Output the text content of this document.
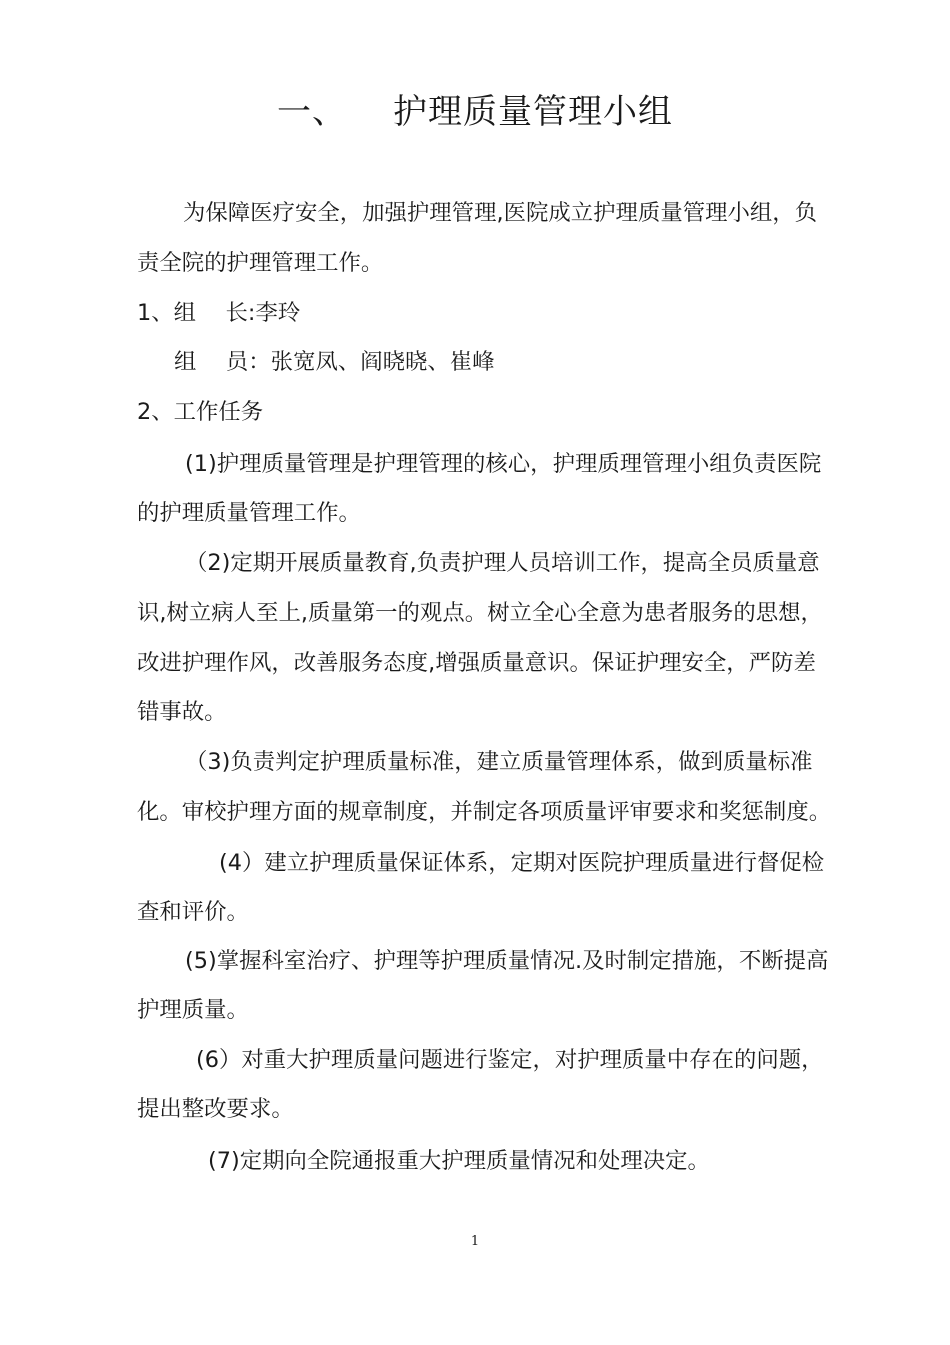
一、 护理质量管理小组
为保障医疗安全，加强护理管理,医院成立护理质量管理小组，负
责全院的护理管理工作。
1、组　 长:李玲
组　 员：张宽凤、阎晓晓、崔峰
2、工作任务
(1)护理质量管理是护理管理的核心，护理质理管理小组负责医院
的护理质量管理工作。
（2)定期开展质量教育,负责护理人员培训工作，提高全员质量意
识,树立病人至上,质量第一的观点。树立全心全意为患者服务的思想，
改进护理作风，改善服务态度,增强质量意识。保证护理安全，严防差
错事故。
（3)负责判定护理质量标准，建立质量管理体系，做到质量标准
化。审校护理方面的规章制度，并制定各项质量评审要求和奖惩制度。
(4）建立护理质量保证体系，定期对医院护理质量进行督促检
查和评价。
(5)掌握科室治疗、护理等护理质量情况.及时制定措施，不断提高
护理质量。
(6）对重大护理质量问题进行鉴定，对护理质量中存在的问题，
提出整改要求。
(7)定期向全院通报重大护理质量情况和处理决定。
1
